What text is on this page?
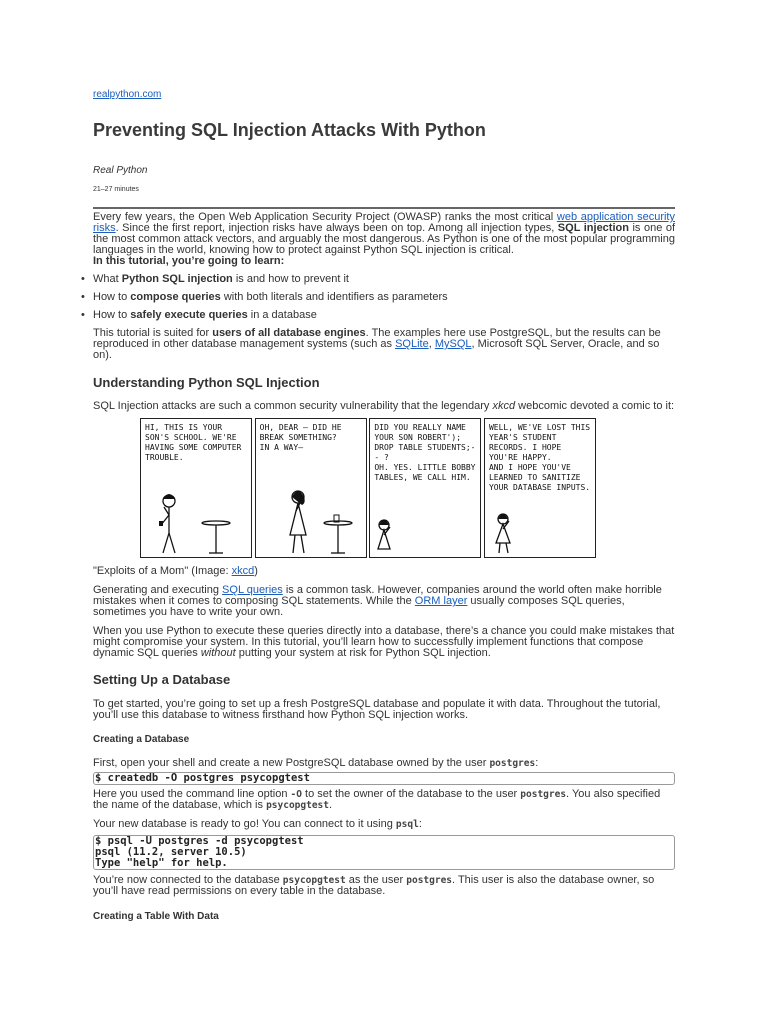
realpython.com
Preventing SQL Injection Attacks With Python
Real Python
21–27 minutes

Every few years, the Open Web Application Security Project (OWASP) ranks the most critical web application security risks. Since the first report, injection risks have always been on top. Among all injection types, SQL injection is one of the most common attack vectors, and arguably the most dangerous. As Python is one of the most popular programming languages in the world, knowing how to protect against Python SQL injection is critical.

In this tutorial, you’re going to learn:

• What Python SQL injection is and how to prevent it
• How to compose queries with both literals and identifiers as parameters
• How to safely execute queries in a database

This tutorial is suited for users of all database engines. The examples here use PostgreSQL, but the results can be reproduced in other database management systems (such as SQLite, MySQL, Microsoft SQL Server, Oracle, and so on).

Understanding Python SQL Injection

SQL Injection attacks are such a common security vulnerability that the legendary xkcd webcomic devoted a comic to it:

HI, THIS IS YOUR SON'S SCHOOL. WE'RE HAVING SOME COMPUTER TROUBLE.
OH, DEAR – DID HE BREAK SOMETHING?
IN A WAY–
DID YOU REALLY NAME YOUR SON ROBERT'); DROP TABLE STUDENTS;-- ?
OH. YES. LITTLE BOBBY TABLES, WE CALL HIM.
WELL, WE'VE LOST THIS YEAR'S STUDENT RECORDS. I HOPE YOU'RE HAPPY.
AND I HOPE YOU'VE LEARNED TO SANITIZE YOUR DATABASE INPUTS.

"Exploits of a Mom" (Image: xkcd)

Generating and executing SQL queries is a common task. However, companies around the world often make horrible mistakes when it comes to composing SQL statements. While the ORM layer usually composes SQL queries, sometimes you have to write your own.

When you use Python to execute these queries directly into a database, there’s a chance you could make mistakes that might compromise your system. In this tutorial, you’ll learn how to successfully implement functions that compose dynamic SQL queries without putting your system at risk for Python SQL injection.

Setting Up a Database

To get started, you’re going to set up a fresh PostgreSQL database and populate it with data. Throughout the tutorial, you’ll use this database to witness firsthand how Python SQL injection works.

Creating a Database

First, open your shell and create a new PostgreSQL database owned by the user postgres:

$ createdb -O postgres psycopgtest

Here you used the command line option -O to set the owner of the database to the user postgres. You also specified the name of the database, which is psycopgtest.

Your new database is ready to go! You can connect to it using psql:

$ psql -U postgres -d psycopgtest
psql (11.2, server 10.5)
Type "help" for help.

You’re now connected to the database psycopgtest as the user postgres. This user is also the database owner, so you’ll have read permissions on every table in the database.

Creating a Table With Data
